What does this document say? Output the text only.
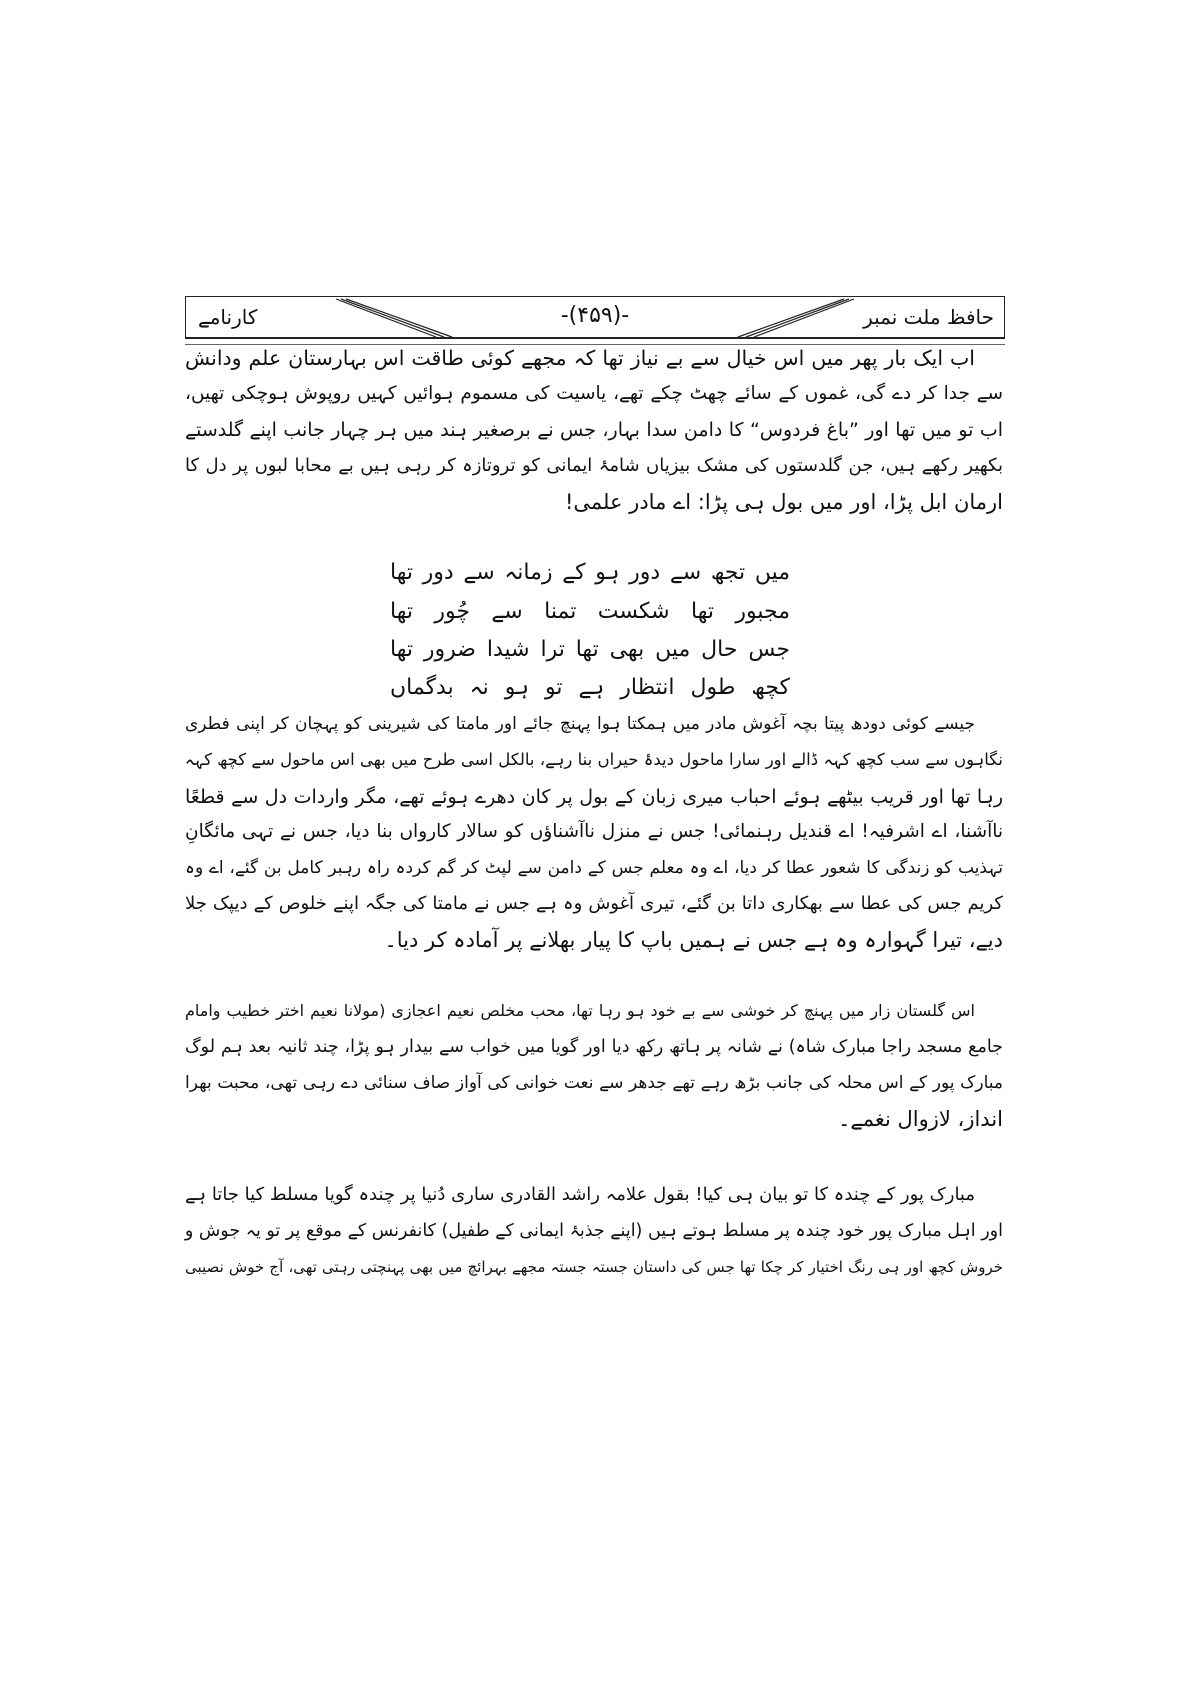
حافظ ملت نمبر
-(۴۵۹)-
کارنامے
اب ایک بار پھر میں اس خیال سے بے نیاز تھا کہ مجھے کوئی طاقت اس بہارستان علم ودانش
سے جدا کر دے گی، غموں کے سائے چھٹ چکے تھے، یاسیت کی مسموم ہوائیں کہیں روپوش ہوچکی تھیں،
اب تو میں تھا اور ”باغ فردوس“ کا دامن سدا بہار، جس نے برصغیر ہند میں ہر چہار جانب اپنے گلدستے
بکھیر رکھے ہیں، جن گلدستوں کی مشک بیزیاں شامۂ ایمانی کو تروتازہ کر رہی ہیں بے محابا لبوں پر دل کا
ارمان ابل پڑا، اور میں بول ہی پڑا: اے مادر علمی!
میں تجھ سے دور ہو کے زمانہ سے دور تھا
مجبور تھا شکست تمنا سے چُور تھا
جس حال میں بھی تھا ترا شیدا ضرور تھا
کچھ طول انتظار ہے تو ہو نہ بدگماں
جیسے کوئی دودھ پیتا بچہ آغوش مادر میں ہمکتا ہوا پہنچ جائے اور مامتا کی شیرینی کو پہچان کر اپنی فطری
نگاہوں سے سب کچھ کہہ ڈالے اور سارا ماحول دیدۂ حیراں بنا رہے، بالکل اسی طرح میں بھی اس ماحول سے کچھ کہہ
رہا تھا اور قریب بیٹھے ہوئے احباب میری زبان کے بول پر کان دھرے ہوئے تھے، مگر واردات دل سے قطعًا
ناآشنا، اے اشرفیہ! اے قندیل رہنمائی! جس نے منزل ناآشناؤں کو سالار کارواں بنا دیا، جس نے تہی مائگانِ
تہذیب کو زندگی کا شعور عطا کر دیا، اے وہ معلم جس کے دامن سے لپٹ کر گم کردہ راہ رہبر کامل بن گئے، اے وہ
کریم جس کی عطا سے بھکاری داتا بن گئے، تیری آغوش وہ ہے جس نے مامتا کی جگہ اپنے خلوص کے دیپک جلا
دیے، تیرا گہوارہ وہ ہے جس نے ہمیں باپ کا پیار بھلانے پر آمادہ کر دیا۔
اس گلستان زار میں پہنچ کر خوشی سے بے خود ہو رہا تھا، محب مخلص نعیم اعجازی (مولانا نعیم اختر خطیب وامام
جامع مسجد راجا مبارک شاہ) نے شانہ پر ہاتھ رکھ دیا اور گویا میں خواب سے بیدار ہو پڑا، چند ثانیہ بعد ہم لوگ
مبارک پور کے اس محلہ کی جانب بڑھ رہے تھے جدھر سے نعت خوانی کی آواز صاف سنائی دے رہی تھی، محبت بھرا
انداز، لازوال نغمے۔
مبارک پور کے چندہ کا تو بیان ہی کیا! بقول علامہ راشد القادری ساری دُنیا پر چندہ گویا مسلط کیا جاتا ہے
اور اہل مبارک پور خود چندہ پر مسلط ہوتے ہیں (اپنے جذبۂ ایمانی کے طفیل) کانفرنس کے موقع پر تو یہ جوش و
خروش کچھ اور ہی رنگ اختیار کر چکا تھا جس کی داستان جستہ جستہ مجھے بہرائچ میں بھی پہنچتی رہتی تھی، آج خوش نصیبی
